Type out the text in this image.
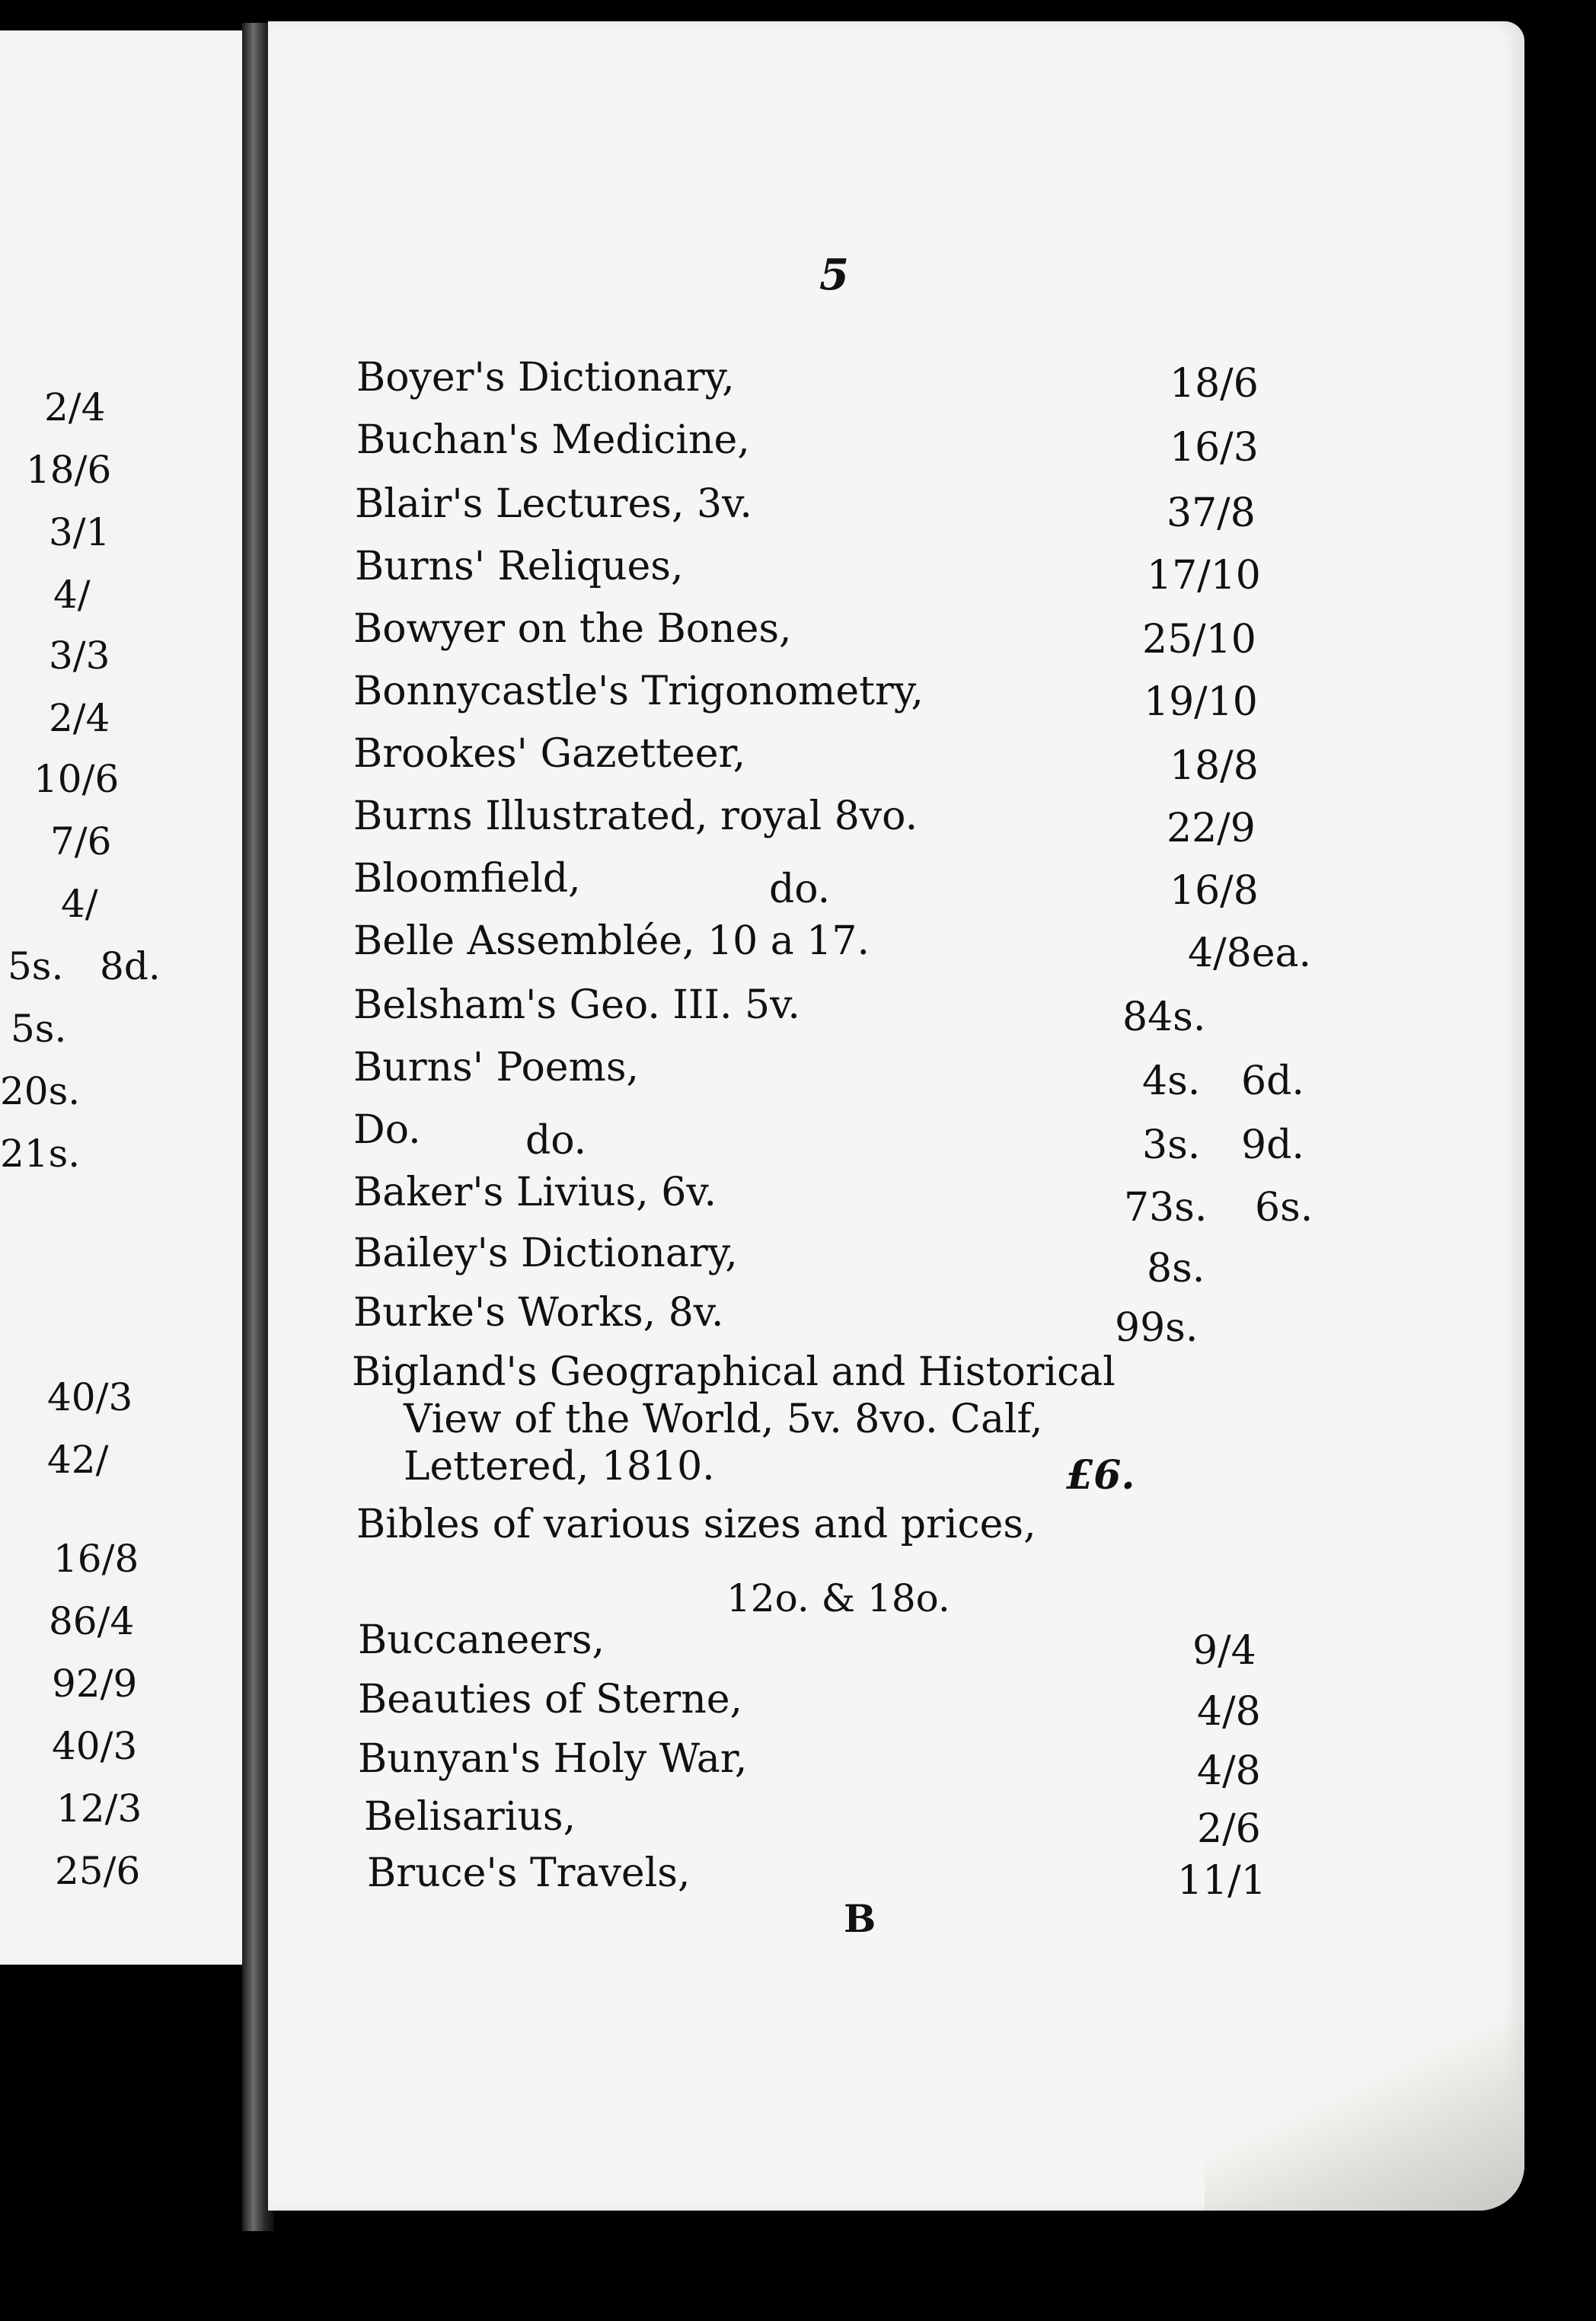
2/4
18/6
3/1
4/
3/3
2/4
10/6
7/6
4/
5s.   8d.
5s.
20s.
21s.
40/3
42/
16/8
86/4
92/9
40/3
12/3
25/6
5
Boyer's Dictionary,	18/6
Buchan's Medicine,	16/3
Blair's Lectures, 3v.	37/8
Burns' Reliques,	17/10
Bowyer on the Bones,	25/10
Bonnycastle's Trigonometry,	19/10
Brookes' Gazetteer,	18/8
Burns Illustrated, royal 8vo.	22/9
Bloomfield,	do.	16/8
Belle Assemblée, 10 a 17.	4/8ea.
Belsham's Geo. III. 5v.	84s.
Burns' Poems,	4s. 6d.
Do.	do.	3s. 9d.
Baker's Livius, 6v.	73s. 6s.
Bailey's Dictionary,	8s.
Burke's Works, 8v.	99s.
Bigland's Geographical and Historical
View of the World, 5v. 8vo. Calf,
Lettered, 1810.	£6.
Bibles of various sizes and prices,
12o. & 18o.
Buccaneers,	9/4
Beauties of Sterne,	4/8
Bunyan's Holy War,	4/8
Belisarius,	2/6
Bruce's Travels,	11/1
B
